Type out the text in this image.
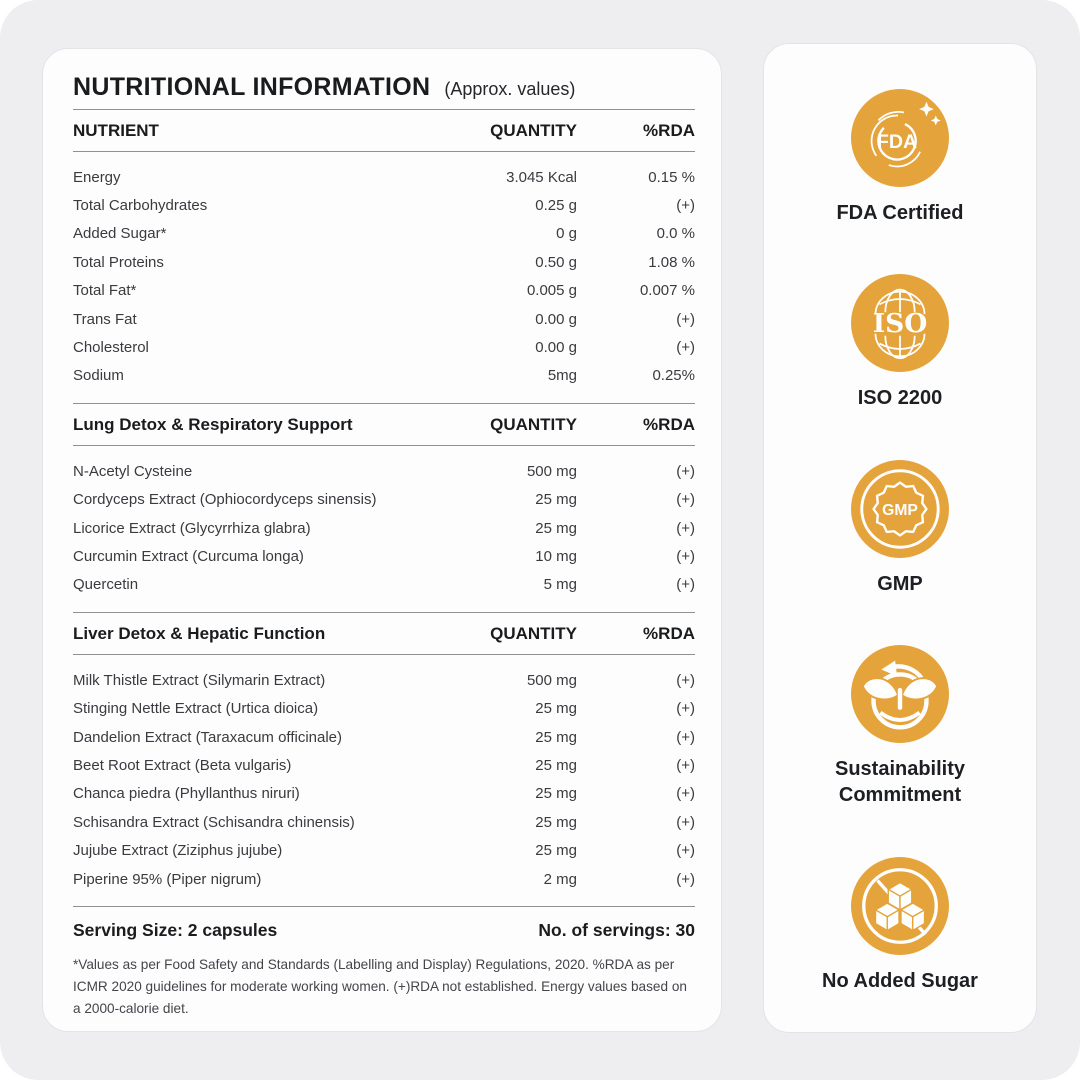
NUTRITIONAL INFORMATION (Approx. values)
NUTRIENT	QUANTITY	%RDA
Energy	3.045 Kcal	0.15 %
Total Carbohydrates	0.25 g	(+)
Added Sugar*	0 g	0.0 %
Total Proteins	0.50 g	1.08 %
Total Fat*	0.005 g	0.007 %
Trans Fat	0.00 g	(+)
Cholesterol	0.00 g	(+)
Sodium	5mg	0.25%
Lung Detox & Respiratory Support	QUANTITY	%RDA
N-Acetyl Cysteine	500 mg	(+)
Cordyceps Extract (Ophiocordyceps sinensis)	25 mg	(+)
Licorice Extract (Glycyrrhiza glabra)	25 mg	(+)
Curcumin Extract (Curcuma longa)	10 mg	(+)
Quercetin	5 mg	(+)
Liver Detox & Hepatic Function	QUANTITY	%RDA
Milk Thistle Extract (Silymarin Extract)	500 mg	(+)
Stinging Nettle Extract (Urtica dioica)	25 mg	(+)
Dandelion Extract (Taraxacum officinale)	25 mg	(+)
Beet Root Extract (Beta vulgaris)	25 mg	(+)
Chanca piedra (Phyllanthus niruri)	25 mg	(+)
Schisandra Extract (Schisandra chinensis)	25 mg	(+)
Jujube Extract (Ziziphus jujube)	25 mg	(+)
Piperine 95% (Piper nigrum)	2 mg	(+)
Serving Size: 2 capsules	No. of servings: 30

*Values as per Food Safety and Standards (Labelling and Display) Regulations, 2020. %RDA as per ICMR 2020 guidelines for moderate working women. (+)RDA not established. Energy values based on a 2000-calorie diet.

FDA
FDA Certified
ISO
ISO 2200
GMP
GMP
Sustainability Commitment
No Added Sugar
